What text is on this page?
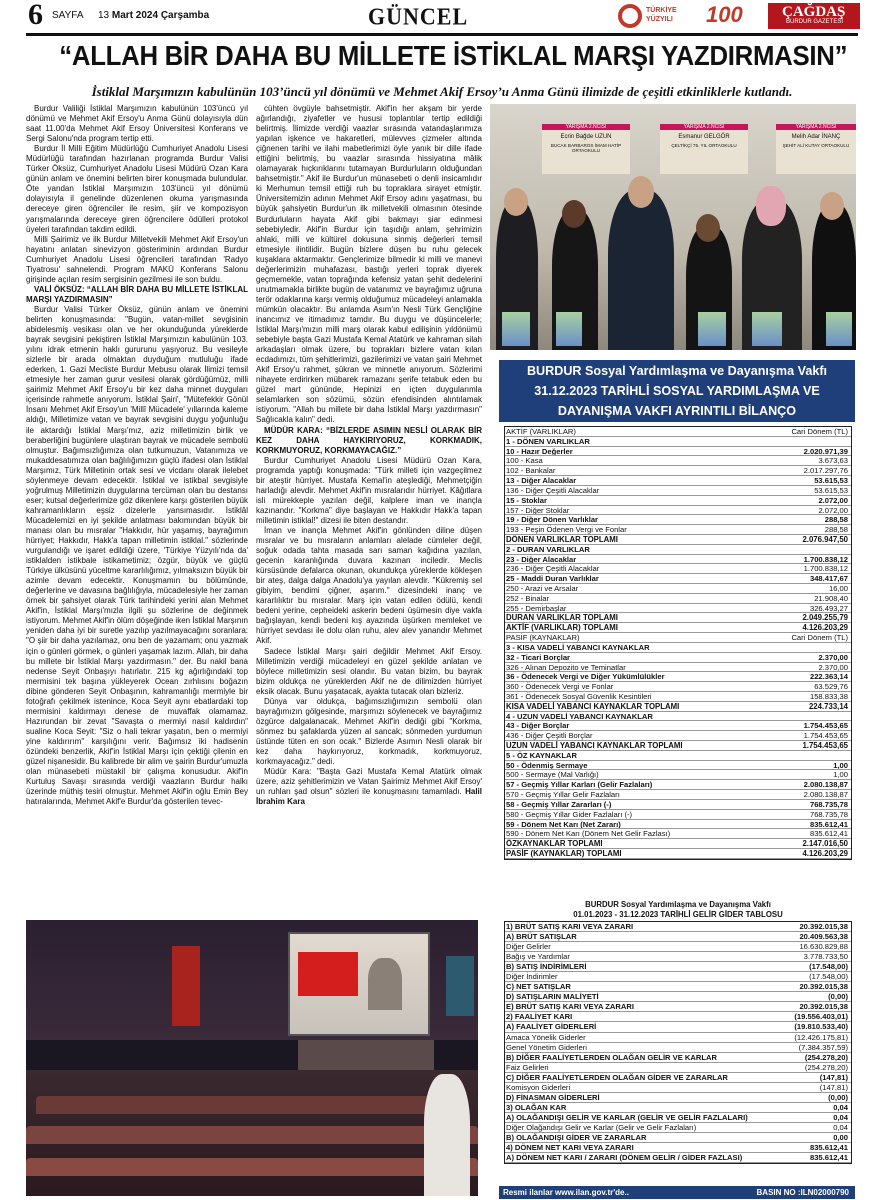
6 SAYFA 13 Mart 2024 Çarşamba	GÜNCEL	TÜRKİYE
YÜZYILI 100	ÇAĞDAŞ
BURDUR GAZETESİ
“ALLAH BİR DAHA BU MİLLETE İSTİKLAL MARŞI YAZDIRMASIN”
İstiklal Marşımızın kabulünün 103’üncü yıl dönümü ve Mehmet Akif Ersoy’u Anma Günü ilimizde de çeşitli etkinliklerle kutlandı.

Burdur Valiliği İstiklal Marşımızın kabulünün 103'üncü yıl dönümü ve Mehmet Akif Ersoy'u Anma Günü dolayısıyla dün saat 11.00'da Mehmet Akif Ersoy Üniversitesi Konferans ve Sergi Salonu'nda program tertip etti.

Burdur İl Milli Eğitim Müdürlüğü Cumhuriyet Anadolu Lisesi Müdürlüğü tarafından hazırlanan programda Burdur Valisi Türker Öksüz, Cumhuriyet Anadolu Lisesi Müdürü Ozan Kara günün anlam ve önemini belirten birer konuşmada bulundular. Öte yandan İstiklal Marşımızın 103'üncü yıl dönümü dolayısıyla il genelinde düzenlenen okuma yarışmasında dereceye giren öğrenciler ile resim, şiir ve kompozisyon yarışmalarında dereceye giren öğrencilere ödülleri protokol üyeleri tarafından takdim edildi.

Milli Şairimiz ve ilk Burdur Milletvekili Mehmet Akif Ersoy'un hayatını anlatan sinevizyon gösteriminin ardından Burdur Cumhuriyet Anadolu Lisesi öğrencileri tarafından 'Radyo Tiyatrosu' sahnelendi. Program MAKÜ Konferans Salonu girişinde açılan resim sergisinin gezilmesi ile son buldu.

VALİ ÖKSÜZ: “ALLAH BİR DAHA BU MİLLETE İSTİKLAL MARŞI YAZDIRMASIN”

Burdur Valisi Türker Öksüz, günün anlam ve önemini belirten konuşmasında: "Bugün, vatan-millet sevgisinin abidelesmiş vesikası olan ve her okunduğunda yüreklerde bayrak sevgisini pekiştiren İstiklal Marşımızın kabulünün 103. yılını idrak etmenin haklı gururunu yaşıyoruz. Bu vesileyle sizlerle bir arada olmaktan duyduğum mutluluğu ifade ederken, 1. Gazi Mecliste Burdur Mebusu olarak İlimizi temsil etmesiyle her zaman gurur vesilesi olarak gördüğümüz, milli şairimiz Mehmet Akif Ersoy'u bir kez daha minnet duyguları içerisinde rahmetle anıyorum. İstiklal Şairi', "Mütefekkir Gönül İnsanı Mehmet Akif Ersoy'un 'Millî Mücadele' yıllarında kaleme aldığı, Milletimize vatan ve bayrak sevgisini duygu yoğunluğu ile aktardığı İstiklal Marşı'mız, aziz milletimizin birlik ve beraberliğini bugünlere ulaştıran bayrak ve mücadele sembolü olmuştur. Bağımsızlığımıza olan tutkumuzun, Vatanımıza ve mukaddesatımıza olan bağlılığımızın güçlü ifadesi olan İstiklal Marşımız, Türk Milletinin ortak sesi ve vicdanı olarak ilelebet söylenmeye devam edecektir. İstiklal ve istikbal sevgisiyle yoğrulmuş Milletimizin duygularına tercüman olan bu destansı eser; kutsal değerlerimize göz dikenlere karşı gösterilen büyük kahramanlıkların eşsiz dizelerle yansımasıdır. İstiklâl Mücadelemizi en iyi şekilde anlatması bakımından büyük bir manası olan bu mısralar "Hakkıdır, hür yaşamış, bayrağımın hürriyet; Hakkıdır, Hakk'a tapan milletimin istiklal." sözlerinde vurgulandığı ve işaret edildiği üzere, 'Türkiye Yüzyılı'nda da' istiklalden istikbale istikametimiz; özgür, büyük ve güçlü Türkiye ülküsünü yüceltme kararlılığımız, yılmaksızın büyük bir azimle devam edecektir. Konuşmamın bu bölümünde, değerlerine ve davasına bağlılığıyla, mücadelesiyle her zaman örnek bir şahsiyet olarak Türk tarihindeki yerini alan Mehmet Akif'in, İstiklal Marşı'mızla ilgili şu sözlerine de değinmek istiyorum. Mehmet Akif'in ölüm döşeğinde iken İstiklal Marşının yeniden daha iyi bir suretle yazılıp yazılmayacağını soranlara: "O şiir bir daha yazılamaz, onu ben de yazamam; onu yazmak için o günleri görmek, o günleri yaşamak lazım. Allah, bir daha bu millete bir İstiklal Marşı yazdırmasın." der. Bu nakil bana nedense Seyit Onbaşıyı hatırlatır. 215 kg ağırlığındaki top mermisini tek başına yükleyerek Ocean zırhlısını boğazın dibine gönderen Seyit Onbaşının, kahramanlığı mermiyle bir fotoğrafı çekilmek istenince, Koca Seyit aynı ebatlardaki top mermisini kaldırmayı denese de muvaffak olamamaz. Hazırundan bir zevat "Savaşta o mermiyi nasıl kaldırdın" sualine Koca Seyit: "Siz o hali tekrar yaşatın, ben o mermiyi yine kaldırırım" karşılığını verir. Bağımsız iki hadisenin özündeki benzerlik, Akif'in İstiklal Marşı için çektiği çilenin en güzel nişanesidir. Bu kalibrede bir alim ve şairin Burdur'umuzla olan münasebeti müstakil bir çalışma konusudur. Akif'in Kurtuluş Savaşı sırasında verdiği vaazların Burdur halkı üzerinde müthiş tesiri olmuştur. Mehmet Akif'in oğlu Emin Bey hatıralarında, Mehmet Akif'e Burdur'da gösterilen tevec-

cühten övgüyle bahsetmiştir. Akif'in her akşam bir yerde ağırlandığı, ziyafetler ve hususi toplantılar tertip edildiği belirtmiş. İlimizde verdiği vaazlar sırasında vatandaşlarımıza yapılan işkence ve hakaretleri, mülevves çizmeler altında çiğnenen tarihi ve ilahi mabetlerimizi öyle yanık bir dille ifade ettiğini belirtmiş, bu vaazlar sırasında hissiyatına mâlik olamayarak hıçkırıklarını tutamayan Burdurluların olduğundan bahsetmiştir." Akif ile Burdur'un münasebeti o denli insicamlıdır ki Merhumun temsil ettiği ruh bu topraklara sirayet etmiştir. Üniversitemizin adının Mehmet Akif Ersoy adını yaşatması, bu büyük şahsiyetin Burdur'un ilk milletvekili olmasının ötesinde Burdurluların hayata Akif gibi bakmayı şiar edinmesi sebebiyledir. Akif'in Burdur için taşıdığı anlam, şehrimizin ahlaki, milli ve kültürel dokusuna sinmiş değerleri temsil etmesiyle ilintilidir. Bugün bizlere düşen bu ruhu gelecek kuşaklara aktarmaktır. Gençlerimize bilmedir ki milli ve manevi değerlerimizin muhafazası, bastığı yerleri toprak diyerek geçmemekle, vatan toprağında kefensiz yatan şehit dedelerini unutmamakla birlikte bugün de vatanımız ve bayrağımız uğruna terör odaklarına karşı vermiş olduğumuz mücadeleyi anlamakla mümkün olacaktır. Bu anlamda Asım'ın Nesli Türk Gençliğine inancımız ve itimadımız tamdır. Bu duygu ve düşüncelerle; İstiklal Marşı'mızın milli marş olarak kabul edilişinin yıldönümü sebebiyle başta Gazi Mustafa Kemal Atatürk ve kahraman silah arkadaşları olmak üzere, bu toprakları bizlere vatan kılan ecdadımızı, tüm şehitlerimizi, gazilerimizi ve vatan şairi Mehmet Akif Ersoy'u rahmet, şükran ve minnetle anıyorum. Sözlerimi nihayete erdirirken mübarek ramazanı şerife tetabuk eden bu güzel mart gününde, Hepinizi en içten duygularımla selamlarken son sözümü, sözün efendisinden alıntılamak istiyorum. "Allah bu millete bir daha İstiklal Marşı yazdırmasın" Sağlıcakla kalın" dedi.

MÜDÜR KARA: “BİZLERDE ASIMIN NESLİ OLARAK BİR KEZ DAHA HAYKIRIYORUZ, KORKMADIK, KORKMUYORUZ, KORKMAYACAĞIZ.”

Burdur Cumhuriyet Anadolu Lisesi Müdürü Ozan Kara, programda yaptığı konuşmada: "Türk milleti için vazgeçilmez bir ateştir hürriyet. Mustafa Kemal'in ateşlediği, Mehmetçiğin harladığı alevdir. Mehmet Akif'in mısralarıdır hürriyet. Kâğıtlara isli mürekkeple yazılan değil, kalplere iman ve inançla kazınandır. "Korkma" diye başlayan ve Hakkıdır Hakk'a tapan milletimin istiklal!" dizesi ile biten destandır.

İman ve inançla Mehmet Akif'in gönlünden diline düşen mısralar ve bu mısraların anlamları alelade cümleler değil, soğuk odada tahta masada sarı saman kağıdına yazılan, gecenin karanlığında duvara kazınan inciledir. Meclis kürsüsünde defalarca okunan, okundukça yüreklerde kökleşen bir ateş, dalga dalga Anadolu'ya yayılan alevdir. "Kükremiş sel gibiyim, bendimi çiğner, aşarım." dizesindeki inanç ve kararlılıktır bu mısralar. Marş için vatan edilen ödülü, kendi bedeni yerine, cepheideki askerin bedeni üşümesin diye vakfa bağışlayan, kendi bedeni kış ayazında üşürken memleket ve hürriyet sevdası ile dolu olan ruhu, alev alev yanandır Mehmet Akif.

Sadece İstiklal Marşı şairi değildir Mehmet Akif Ersoy. Milletimizin verdiği mücadeleyi en güzel şekilde anlatan ve böylece milletimizin sesi olandır. Bu vatan bizim, bu bayrak bizim oldukça ne yüreklerden Akif ne de dilimizden hürriyet eksik olacak. Bunu yaşatacak, ayakta tutacak olan bizleriz.

Dünya var oldukça, bağımsızlığımızın sembolü olan bayrağımızın gölgesinde, marşımızı söylenecek ve bayrağımız özgürce dalgalanacak. Mehmet Akif'in dediği gibi "Korkma, sönmez bu şafaklarda yüzen al sancak; sönmeden yurdumun üstünde tüten en son ocak." Bizlerde Asımın Nesli olarak bir kez daha haykırıyoruz, korkmadık, korkmuyoruz, korkmayacağız." dedi.

Müdür Kara: "Başta Gazi Mustafa Kemal Atatürk olmak üzere, aziz şehitlerimizin ve Vatan Şairimiz Mehmet Akif Ersoy' un ruhları şad olsun" sözleri ile konuşmasını tamamladı. Halil İbrahim Kara

YARIŞMA 2.NCİSİ
Ecrin Bağde UZUN
BUCAK BARBAROS İMAM HATİP ORTAOKULU
YARIŞMA 2.NCİSİ
Esmanur GELGÖR
ÇELTİKÇİ 75. YIL ORTAOKULU
YARIŞMA 2.NCİSİ
Melih Adar İNANÇ
ŞEHİT ALİ KUTAY ORTAOKULU
BURDUR Sosyal Yardımlaşma ve Dayanışma Vakfı
31.12.2023 TARİHLİ SOSYAL YARDIMLAŞMA VE
DAYANIŞMA VAKFI AYRINTILI BİLANÇO
AKTİF (VARLIKLAR)	Cari Dönem (TL)
1 - DÖNEN VARLIKLAR
10 - Hazır Değerler	2.020.971,39
100 - Kasa	3.673,63
102 - Bankalar	2.017.297,76
13 - Diğer Alacaklar	53.615,53
136 - Diğer Çeşitli Alacaklar	53.615,53
15 - Stoklar	2.072,00
157 - Diğer Stoklar	2.072,00
19 - Diğer Dönen Varlıklar	288,58
193 - Peşin Ödenen Vergi ve Fonlar	288,58
DÖNEN VARLIKLAR TOPLAMI	2.076.947,50
2 - DURAN VARLIKLAR
23 - Diğer Alacaklar	1.700.838,12
236 - Diğer Çeşitli Alacaklar	1.700.838,12
25 - Maddi Duran Varlıklar	348.417,67
250 - Arazi ve Arsalar	16,00
252 - Binalar	21.908,40
255 - Demirbaşlar	326.493,27
DURAN VARLIKLAR TOPLAMI	2.049.255,79
AKTİF (VARLIKLAR) TOPLAMI	4.126.203,29
PASİF (KAYNAKLAR)	Cari Dönem (TL)
3 - KISA VADELİ YABANCI KAYNAKLAR
32 - Ticari Borçlar	2.370,00
326 - Alınan Depozito ve Teminatlar	2.370,00
36 - Ödenecek Vergi ve Diğer Yükümlülükler	222.363,14
360 - Ödenecek Vergi ve Fonlar	63.529,76
361 - Ödenecek Sosyal Güvenlik Kesintileri	158.833,38
KISA VADELİ YABANCI KAYNAKLAR TOPLAMI	224.733,14
4 - UZUN VADELİ YABANCI KAYNAKLAR
43 - Diğer Borçlar	1.754.453,65
436 - Diğer Çeşitli Borçlar	1.754.453,65
UZUN VADELİ YABANCI KAYNAKLAR TOPLAMI	1.754.453,65
5 - ÖZ KAYNAKLAR
50 - Ödenmiş Sermaye	1,00
500 - Sermaye (Mal Varlığı)	1,00
57 - Geçmiş Yıllar Karları (Gelir Fazlaları)	2.080.138,87
570 - Geçmiş Yıllar Gelir Fazlaları	2.080.138,87
58 - Geçmiş Yıllar Zararları (-)	768.735,78
580 - Geçmiş Yıllar Gider Fazlaları (-)	768.735,78
59 - Dönem Net Karı (Net Zararı)	835.612,41
590 - Dönem Net Karı (Dönem Net Gelir Fazlası)	835.612,41
ÖZKAYNAKLAR TOPLAMI	2.147.016,50
PASİF (KAYNAKLAR) TOPLAMI	4.126.203,29
BURDUR Sosyal Yardımlaşma ve Dayanışma Vakfı
01.01.2023 - 31.12.2023 TARİHLİ GELİR GİDER TABLOSU
1) BRÜT SATIŞ KARI VEYA ZARARI	20.392.015,38
A) BRÜT SATIŞLAR	20.409.563,38
Diğer Gelirler	16.630.829,88
Bağış ve Yardımlar	3.778.733,50
B) SATIŞ İNDİRİMLERİ	(17.548,00)
Diğer İndirimler	(17.548,00)
C) NET SATIŞLAR	20.392.015,38
D) SATIŞLARIN MALİYETİ	(0,00)
E) BRÜT SATIŞ KARI VEYA ZARARI	20.392.015,38
2) FAALİYET KARI	(19.556.403,01)
A) FAALİYET GİDERLERİ	(19.810.533,40)
Amaca Yönelik Giderler	(12.426.175,81)
Genel Yönetim Giderleri	(7.384.357,59)
B) DİĞER FAALİYETLERDEN OLAĞAN GELİR VE KARLAR	(254.278,20)
Faiz Gelirleri	(254.278,20)
C) DİĞER FAALİYETLERDEN OLAĞAN GİDER VE ZARARLAR	(147,81)
Komisyon Giderleri	(147,81)
D) FİNASMAN GİDERLERİ	(0,00)
3) OLAĞAN KAR	0,04
A) OLAĞANDIŞI GELİR VE KARLAR (GELİR VE GELİR FAZLALARI)	0,04
Diğer Olağandışı Gelir ve Karlar (Gelir ve Gelir Fazlaları)	0,04
B) OLAĞANDIŞI GİDER VE ZARARLAR	0,00
4) DÖNEM NET KARI VEYA ZARARI	835.612,41
A) DÖNEM NET KARI / ZARARI (DÖNEM GELİR / GİDER FAZLASI)	835.612,41
Resmi ilanlar www.ilan.gov.tr'de..	BASIN NO :ILN02000790
